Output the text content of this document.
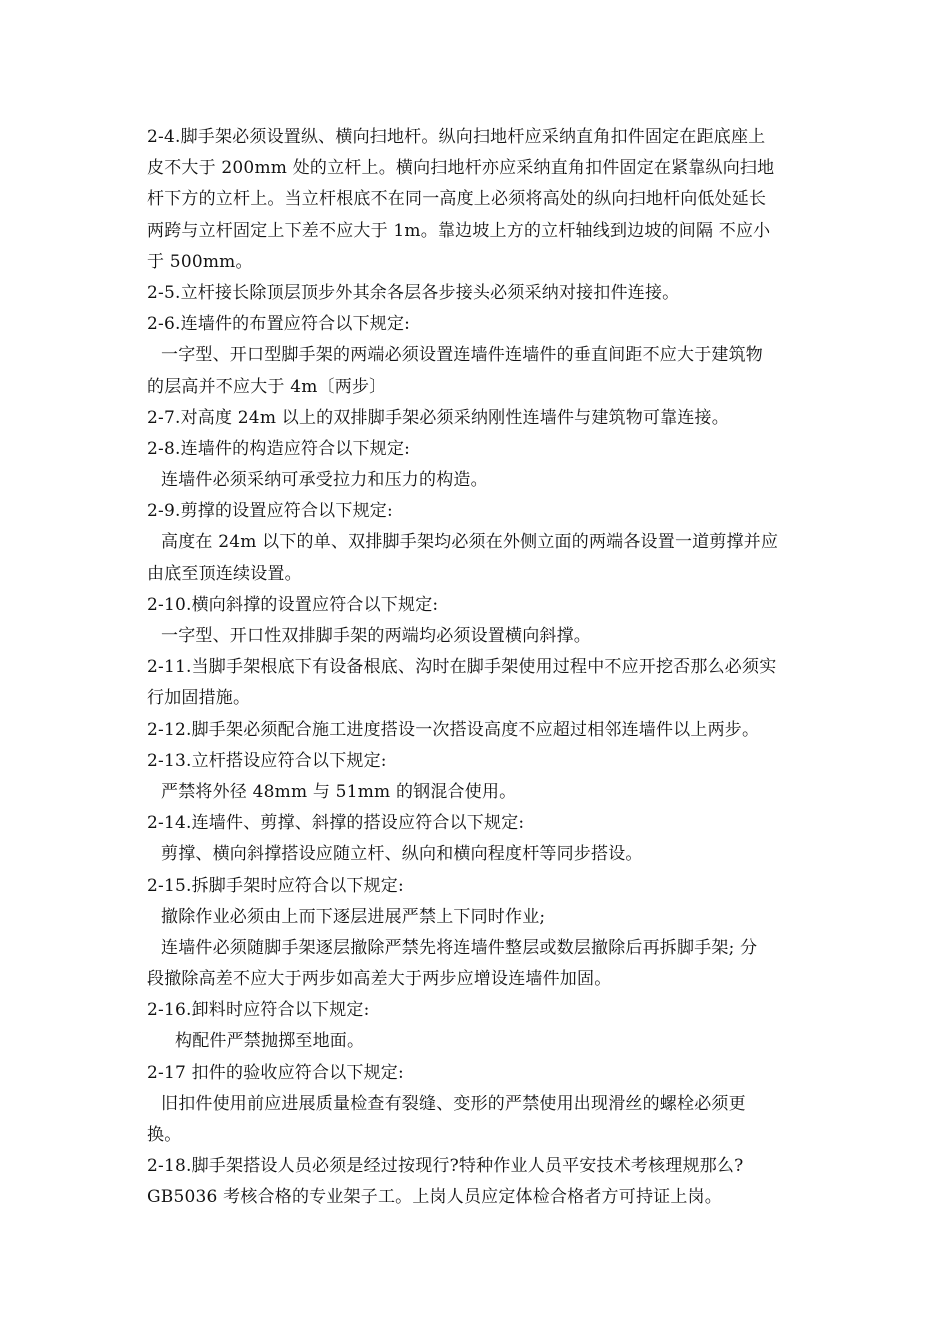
2-4.脚手架必须设置纵、横向扫地杆。纵向扫地杆应采纳直角扣件固定在距底座上
皮不大于 200mm 处的立杆上。横向扫地杆亦应采纳直角扣件固定在紧靠纵向扫地
杆下方的立杆上。当立杆根底不在同一高度上必须将高处的纵向扫地杆向低处延长
两跨与立杆固定上下差不应大于 1m。靠边坡上方的立杆轴线到边坡的间隔 不应小
于 500mm。
2-5.立杆接长除顶层顶步外其余各层各步接头必须采纳对接扣件连接。
2-6.连墙件的布置应符合以下规定:
一字型、开口型脚手架的两端必须设置连墙件连墙件的垂直间距不应大于建筑物
的层高并不应大于 4m〔两步〕
2-7.对高度 24m 以上的双排脚手架必须采纳刚性连墙件与建筑物可靠连接。
2-8.连墙件的构造应符合以下规定:
连墙件必须采纳可承受拉力和压力的构造。
2-9.剪撑的设置应符合以下规定:
高度在 24m 以下的单、双排脚手架均必须在外侧立面的两端各设置一道剪撑并应
由底至顶连续设置。
2-10.横向斜撑的设置应符合以下规定:
一字型、开口性双排脚手架的两端均必须设置横向斜撑。
2-11.当脚手架根底下有设备根底、沟时在脚手架使用过程中不应开挖否那么必须实
行加固措施。
2-12.脚手架必须配合施工进度搭设一次搭设高度不应超过相邻连墙件以上两步。
2-13.立杆搭设应符合以下规定:
严禁将外径 48mm 与 51mm 的钢混合使用。
2-14.连墙件、剪撑、斜撑的搭设应符合以下规定:
剪撑、横向斜撑搭设应随立杆、纵向和横向程度杆等同步搭设。
2-15.拆脚手架时应符合以下规定:
撤除作业必须由上而下逐层进展严禁上下同时作业;
连墙件必须随脚手架逐层撤除严禁先将连墙件整层或数层撤除后再拆脚手架; 分
段撤除高差不应大于两步如高差大于两步应增设连墙件加固。
2-16.卸料时应符合以下规定:
构配件严禁抛掷至地面。
2-17 扣件的验收应符合以下规定:
旧扣件使用前应进展质量检查有裂缝、变形的严禁使用出现滑丝的螺栓必须更
换。
2-18.脚手架搭设人员必须是经过按现行?特种作业人员平安技术考核理规那么?
GB5036 考核合格的专业架子工。上岗人员应定体检合格者方可持证上岗。
